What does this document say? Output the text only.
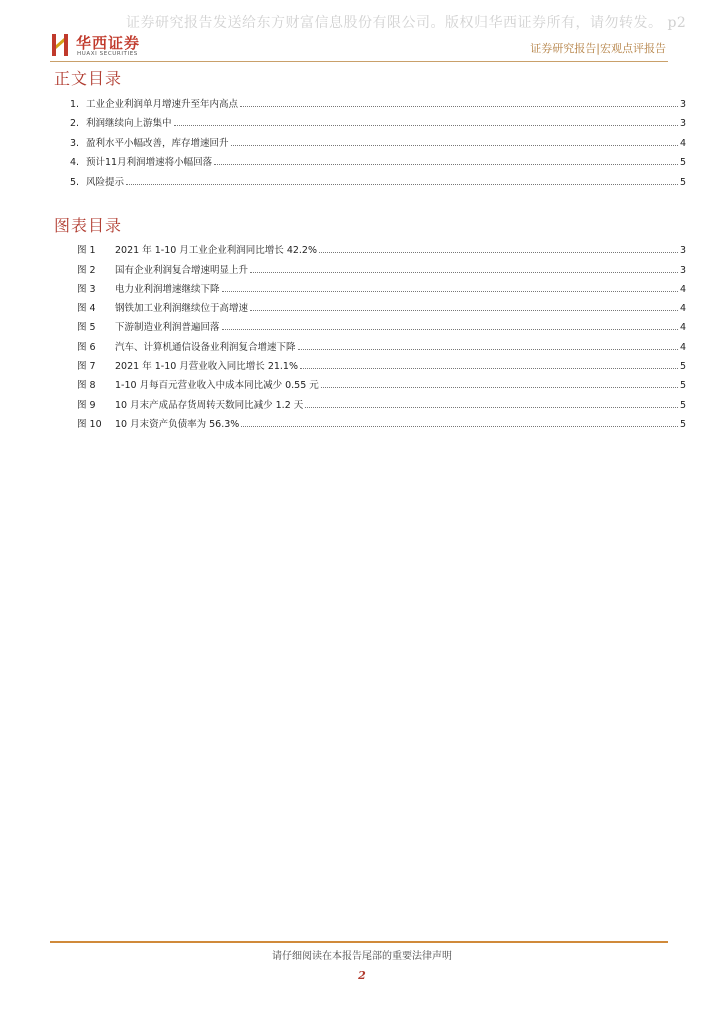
证券研究报告发送给东方财富信息股份有限公司。版权归华西证券所有，请勿转发。 p2
华西证券
HUAXI SECURITIES	证券研究报告|宏观点评报告
正文目录
1. 工业企业利润单月增速升至年内高点	3
2. 利润继续向上游集中	3
3. 盈利水平小幅改善，库存增速回升	4
4. 预计11月利润增速将小幅回落	5
5. 风险提示	5
图表目录
图 1	2021 年 1-10 月工业企业利润同比增长 42.2%	3
图 2	国有企业利润复合增速明显上升	3
图 3	电力业利润增速继续下降	4
图 4	钢铁加工业利润继续位于高增速	4
图 5	下游制造业利润普遍回落	4
图 6	汽车、计算机通信设备业利润复合增速下降	4
图 7	2021 年 1-10 月营业收入同比增长 21.1%	5
图 8	1-10 月每百元营业收入中成本同比减少 0.55 元	5
图 9	10 月末产成品存货周转天数同比减少 1.2 天	5
图 10	10 月末资产负债率为 56.3%	5
请仔细阅读在本报告尾部的重要法律声明
2
